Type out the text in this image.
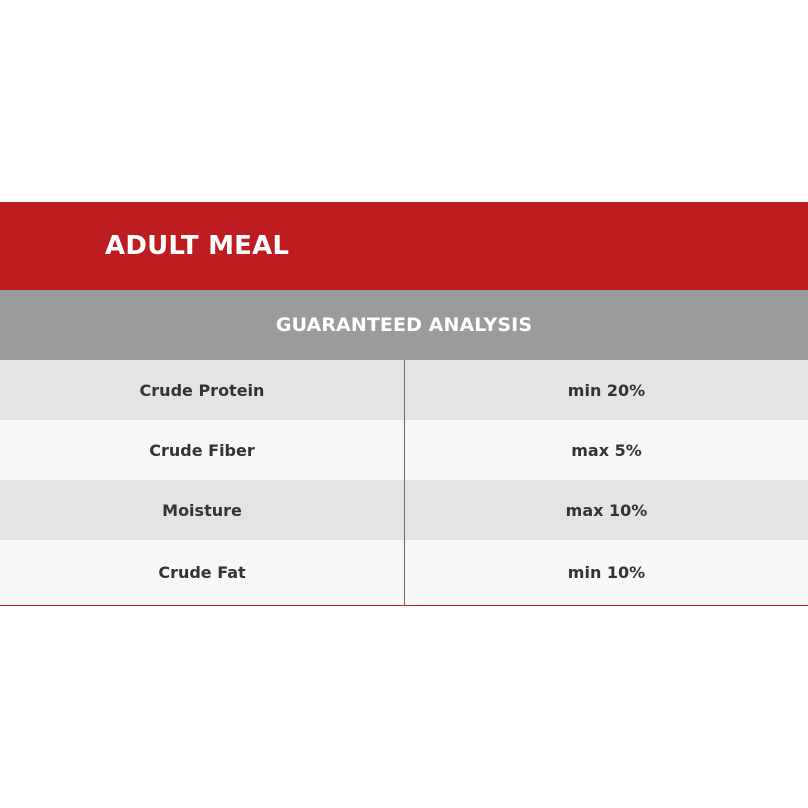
ADULT MEAL
GUARANTEED ANALYSIS
Crude Protein	min 20%
Crude Fiber	max 5%
Moisture	max 10%
Crude Fat	min 10%
